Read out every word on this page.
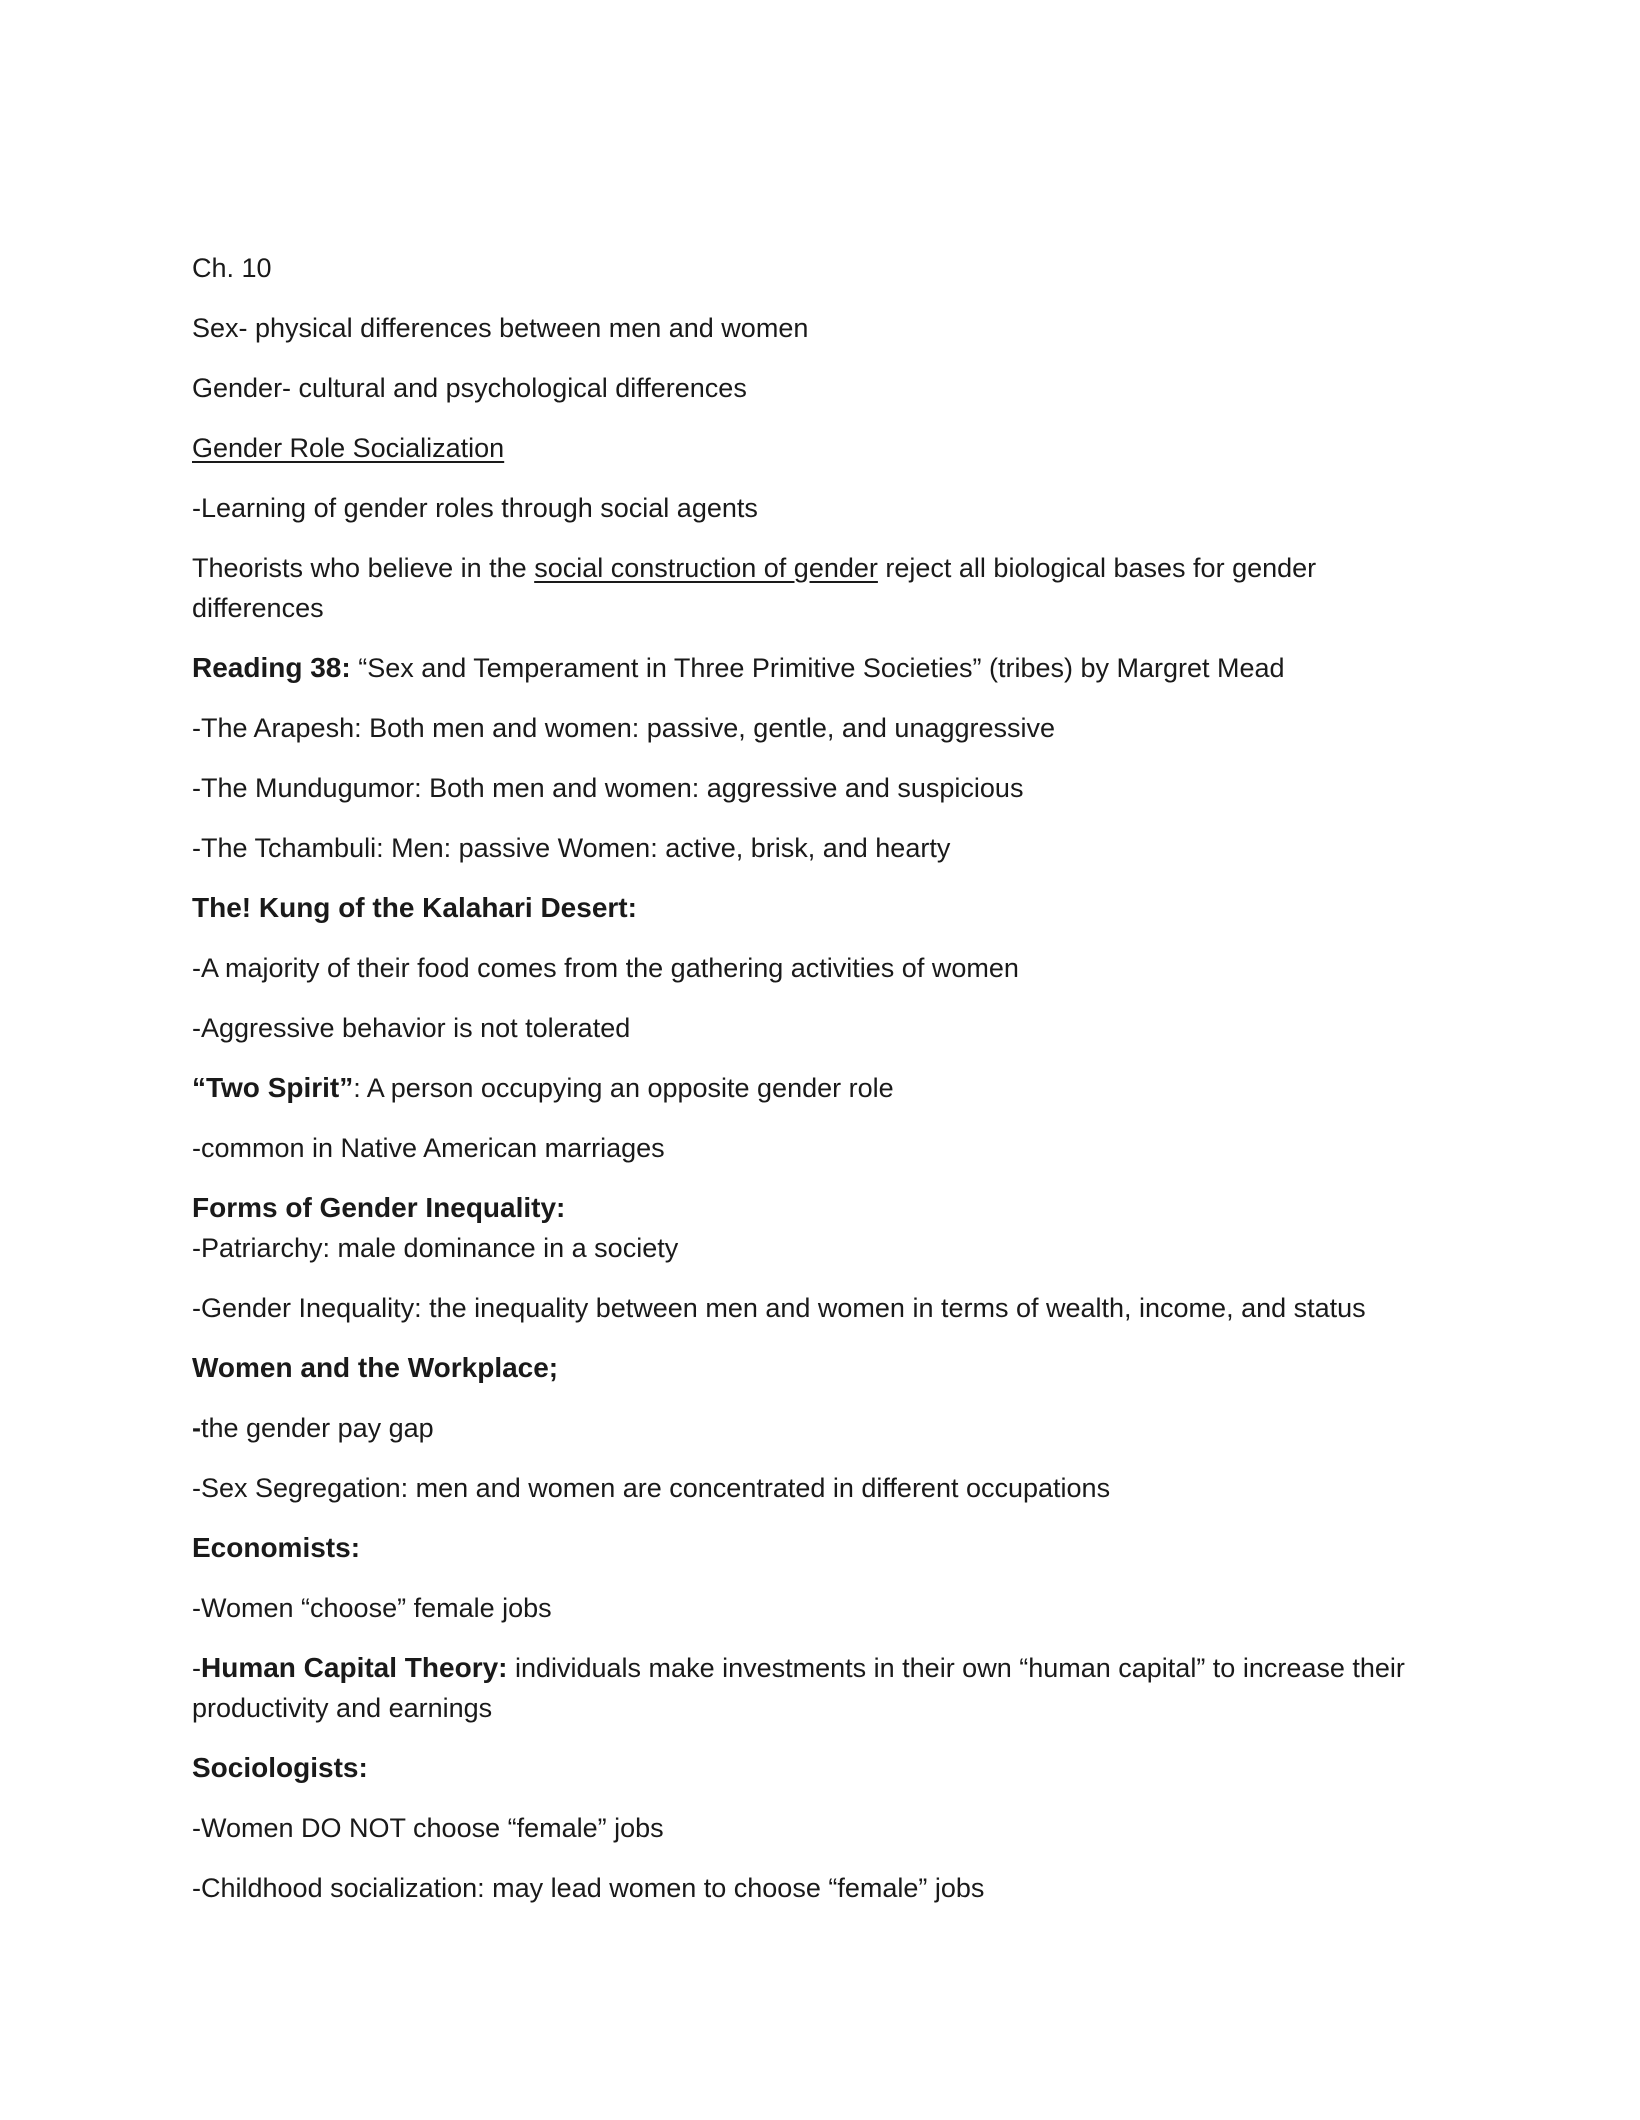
Ch. 10

Sex- physical differences between men and women

Gender- cultural and psychological differences

Gender Role Socialization

-Learning of gender roles through social agents

Theorists who believe in the social construction of gender reject all biological bases for gender differences

Reading 38: “Sex and Temperament in Three Primitive Societies” (tribes) by Margret Mead

-The Arapesh: Both men and women: passive, gentle, and unaggressive

-The Mundugumor: Both men and women: aggressive and suspicious

-The Tchambuli: Men: passive Women: active, brisk, and hearty

The! Kung of the Kalahari Desert:

-A majority of their food comes from the gathering activities of women

-Aggressive behavior is not tolerated

“Two Spirit”: A person occupying an opposite gender role

-common in Native American marriages

Forms of Gender Inequality:

-Patriarchy: male dominance in a society

-Gender Inequality: the inequality between men and women in terms of wealth, income, and status

Women and the Workplace;

-the gender pay gap

-Sex Segregation: men and women are concentrated in different occupations

Economists:

-Women “choose” female jobs

-Human Capital Theory: individuals make investments in their own “human capital” to increase their productivity and earnings

Sociologists:

-Women DO NOT choose “female” jobs

-Childhood socialization: may lead women to choose “female” jobs
